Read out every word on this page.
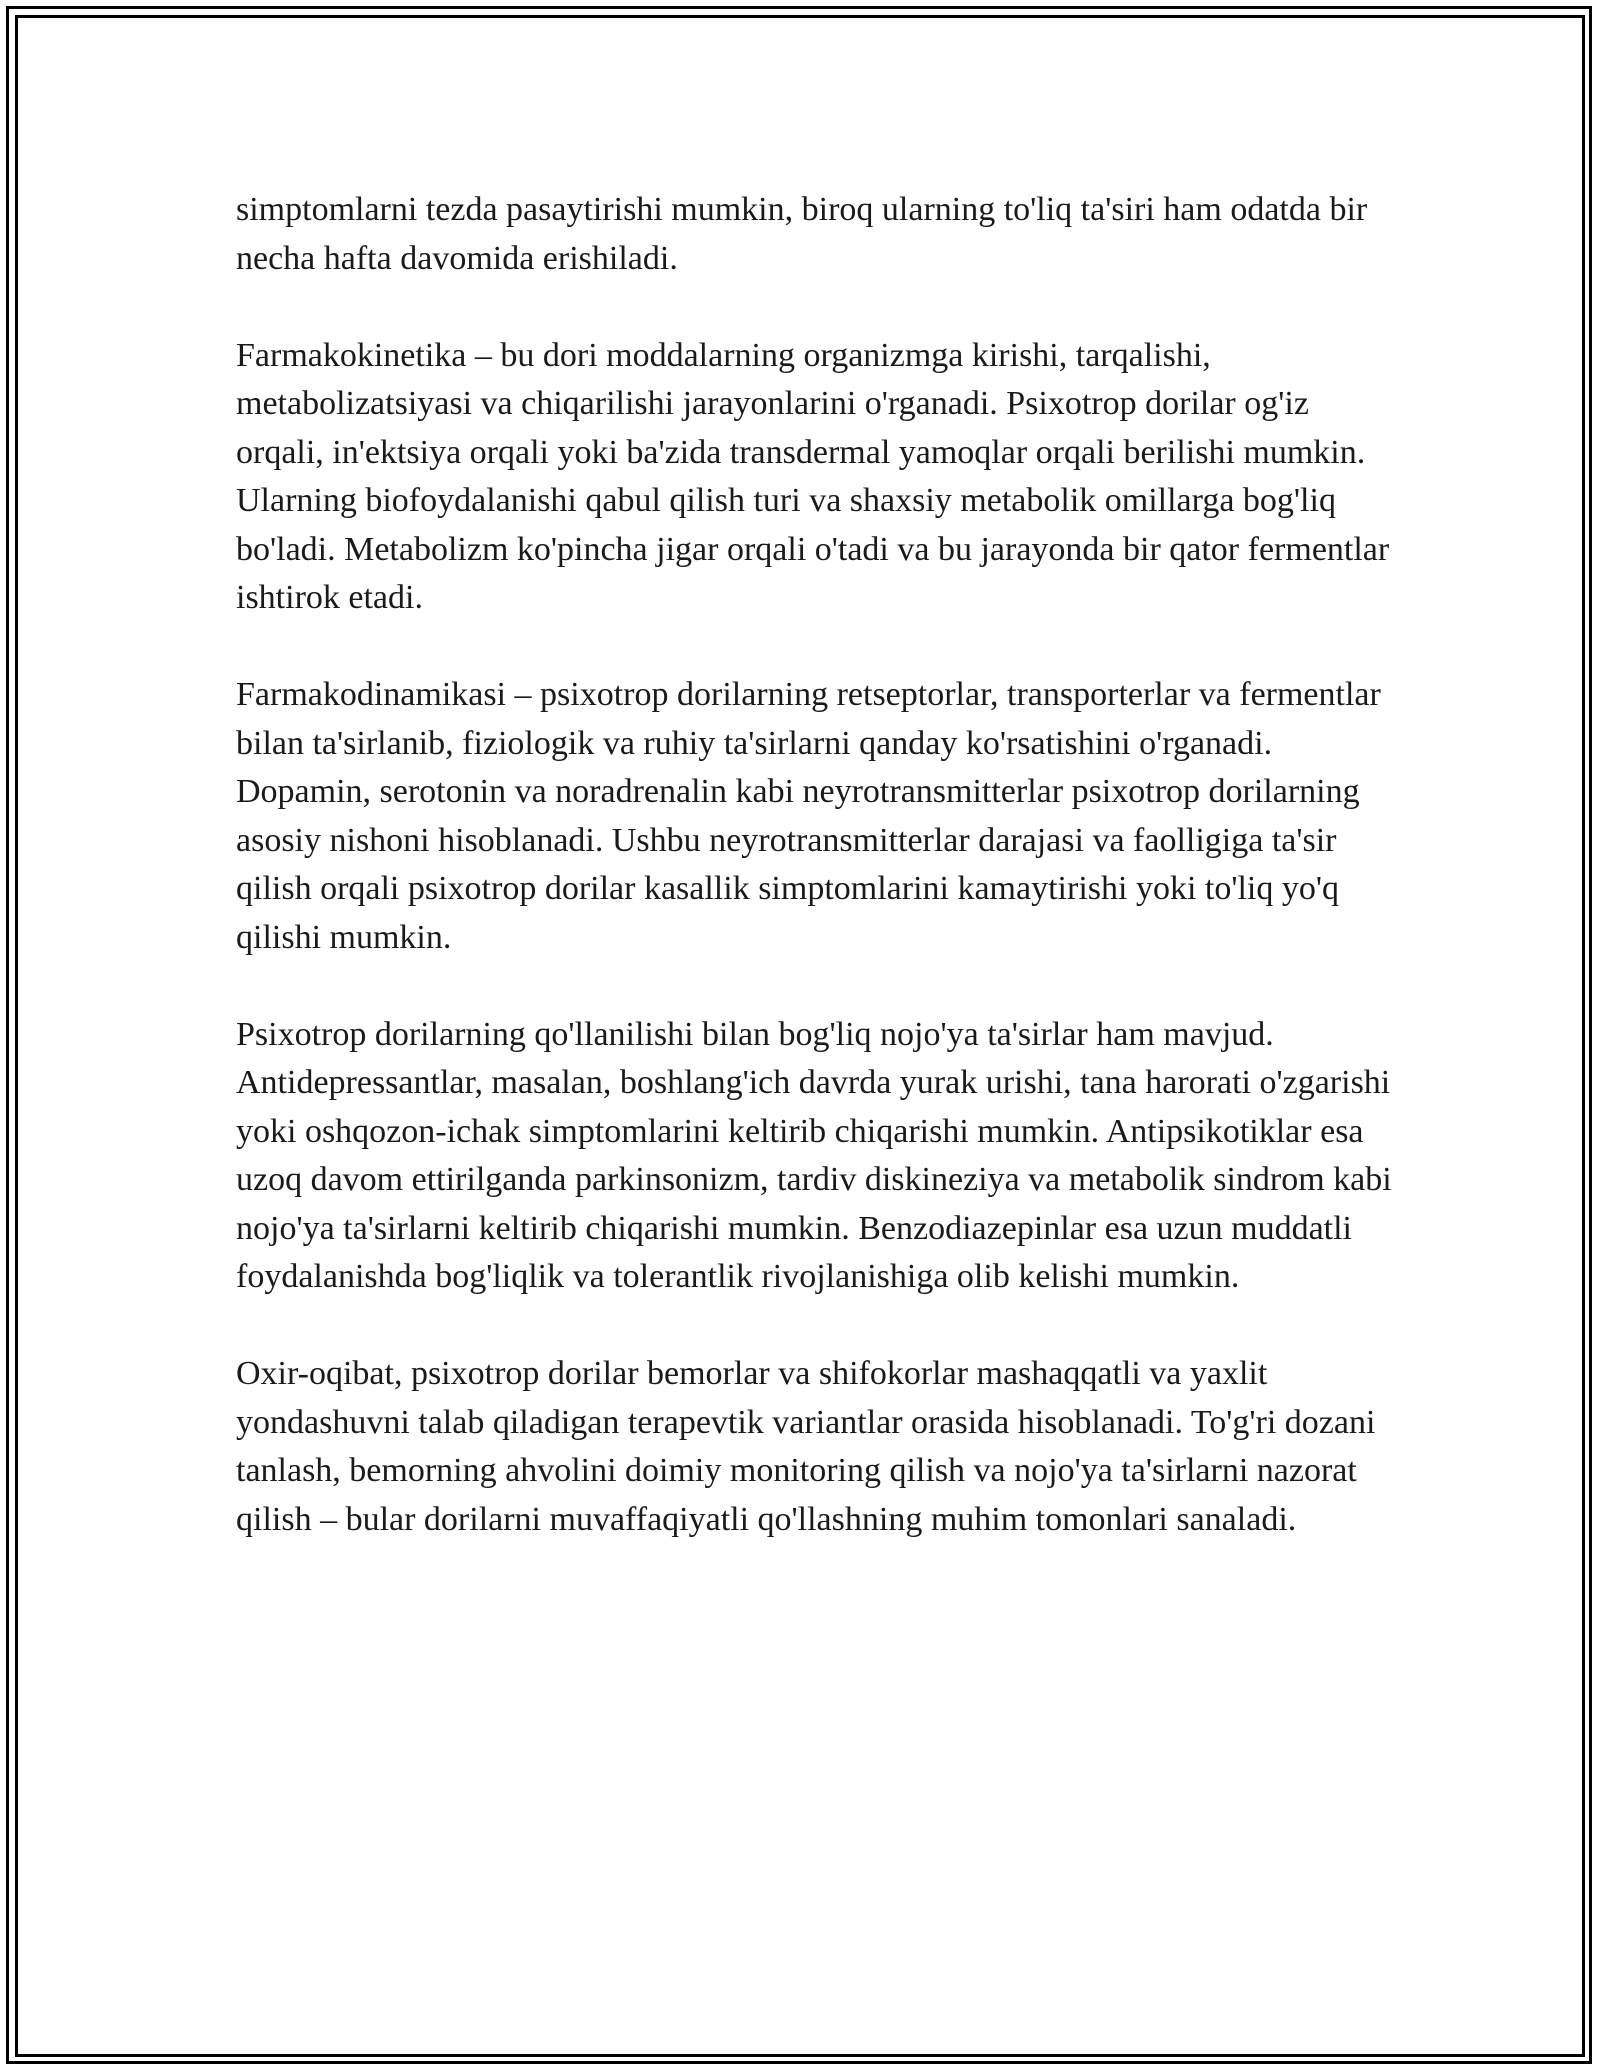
simptomlarni tezda pasaytirishi mumkin, biroq ularning to'liq ta'siri ham odatda bir necha hafta davomida erishiladi.

Farmakokinetika – bu dori moddalarning organizmga kirishi, tarqalishi, metabolizatsiyasi va chiqarilishi jarayonlarini o'rganadi. Psixotrop dorilar og'iz orqali, in'ektsiya orqali yoki ba'zida transdermal yamoqlar orqali berilishi mumkin. Ularning biofoydalanishi qabul qilish turi va shaxsiy metabolik omillarga bog'liq bo'ladi. Metabolizm ko'pincha jigar orqali o'tadi va bu jarayonda bir qator fermentlar ishtirok etadi.

Farmakodinamikasi – psixotrop dorilarning retseptorlar, transporterlar va fermentlar bilan ta'sirlanib, fiziologik va ruhiy ta'sirlarni qanday ko'rsatishini o'rganadi. Dopamin, serotonin va noradrenalin kabi neyrotransmitterlar psixotrop dorilarning asosiy nishoni hisoblanadi. Ushbu neyrotransmitterlar darajasi va faolligiga ta'sir qilish orqali psixotrop dorilar kasallik simptomlarini kamaytirishi yoki to'liq yo'q qilishi mumkin.

Psixotrop dorilarning qo'llanilishi bilan bog'liq nojo'ya ta'sirlar ham mavjud. Antidepressantlar, masalan, boshlang'ich davrda yurak urishi, tana harorati o'zgarishi yoki oshqozon-ichak simptomlarini keltirib chiqarishi mumkin. Antipsikotiklar esa uzoq davom ettirilganda parkinsonizm, tardiv diskineziya va metabolik sindrom kabi nojo'ya ta'sirlarni keltirib chiqarishi mumkin. Benzodiazepinlar esa uzun muddatli foydalanishda bog'liqlik va tolerantlik rivojlanishiga olib kelishi mumkin.

Oxir-oqibat, psixotrop dorilar bemorlar va shifokorlar mashaqqatli va yaxlit yondashuvni talab qiladigan terapevtik variantlar orasida hisoblanadi. To'g'ri dozani tanlash, bemorning ahvolini doimiy monitoring qilish va nojo'ya ta'sirlarni nazorat qilish – bular dorilarni muvaffaqiyatli qo'llashning muhim tomonlari sanaladi.
